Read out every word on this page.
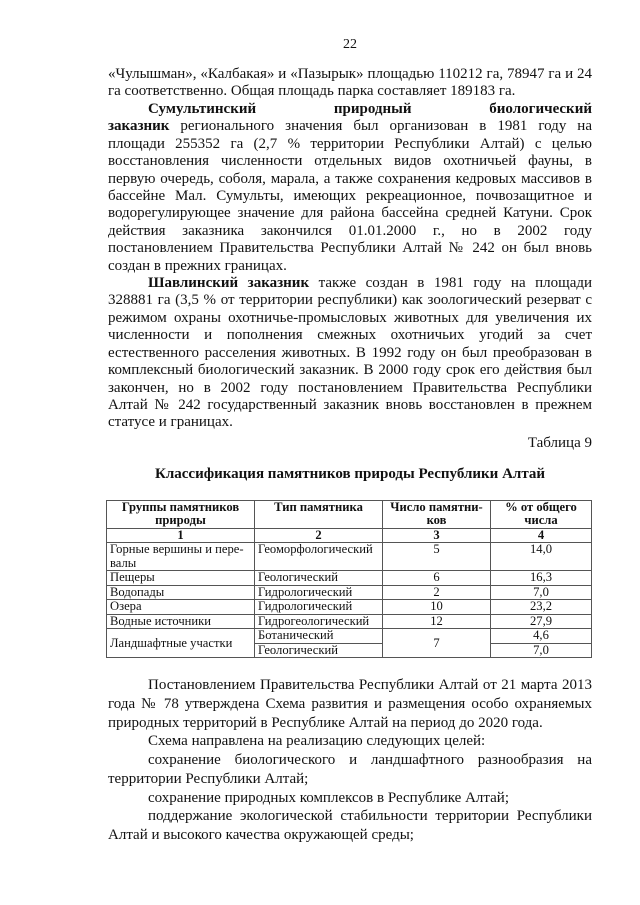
22
«Чулышман», «Калбакая» и «Пазырык» площадью 110212 га, 78947 га и 24
га соответственно. Общая площадь парка составляет 189183 га.
Сумультинский природный биологический
заказник регионального значения был организован в 1981 году на
площади 255352 га (2,7 % территории Республики Алтай) с целью
восстановления численности отдельных видов охотничьей фауны, в
первую очередь, соболя, марала, а также сохранения кедровых массивов в
бассейне Мал. Сумульты, имеющих рекреационное, почвозащитное и
водорегулирующее значение для района бассейна средней Катуни. Срок
действия заказника закончился 01.01.2000 г., но в 2002 году
постановлением Правительства Республики Алтай № 242 он был вновь
создан в прежних границах.
Шавлинский заказник также создан в 1981 году на площади
328881 га (3,5 % от территории республики) как зоологический резерват с
режимом охраны охотничье-промысловых животных для увеличения их
численности и пополнения смежных охотничьих угодий за счет
естественного расселения животных. В 1992 году он был преобразован в
комплексный биологический заказник. В 2000 году срок его действия был
закончен, но в 2002 году постановлением Правительства Республики
Алтай № 242 государственный заказник вновь восстановлен в прежнем
статусе и границах.
Таблица 9
Классификация памятников природы Республики Алтай
Группы памятников природы	Тип памятника	Число памятни-ков	% от общего числа
1	2	3	4
Горные вершины и пере-валы	Геоморфологический	5	14,0
Пещеры	Геологический	6	16,3
Водопады	Гидрологический	2	7,0
Озера	Гидрологический	10	23,2
Водные источники	Гидрогеологический	12	27,9
Ландшафтные участки	Ботанический	7	4,6
	Геологический		7,0
Постановлением Правительства Республики Алтай от 21 марта 2013
года № 78 утверждена Схема развития и размещения особо охраняемых
природных территорий в Республике Алтай на период до 2020 года.
Схема направлена на реализацию следующих целей:
сохранение биологического и ландшафтного разнообразия на
территории Республики Алтай;
сохранение природных комплексов в Республике Алтай;
поддержание экологической стабильности территории Республики
Алтай и высокого качества окружающей среды;
